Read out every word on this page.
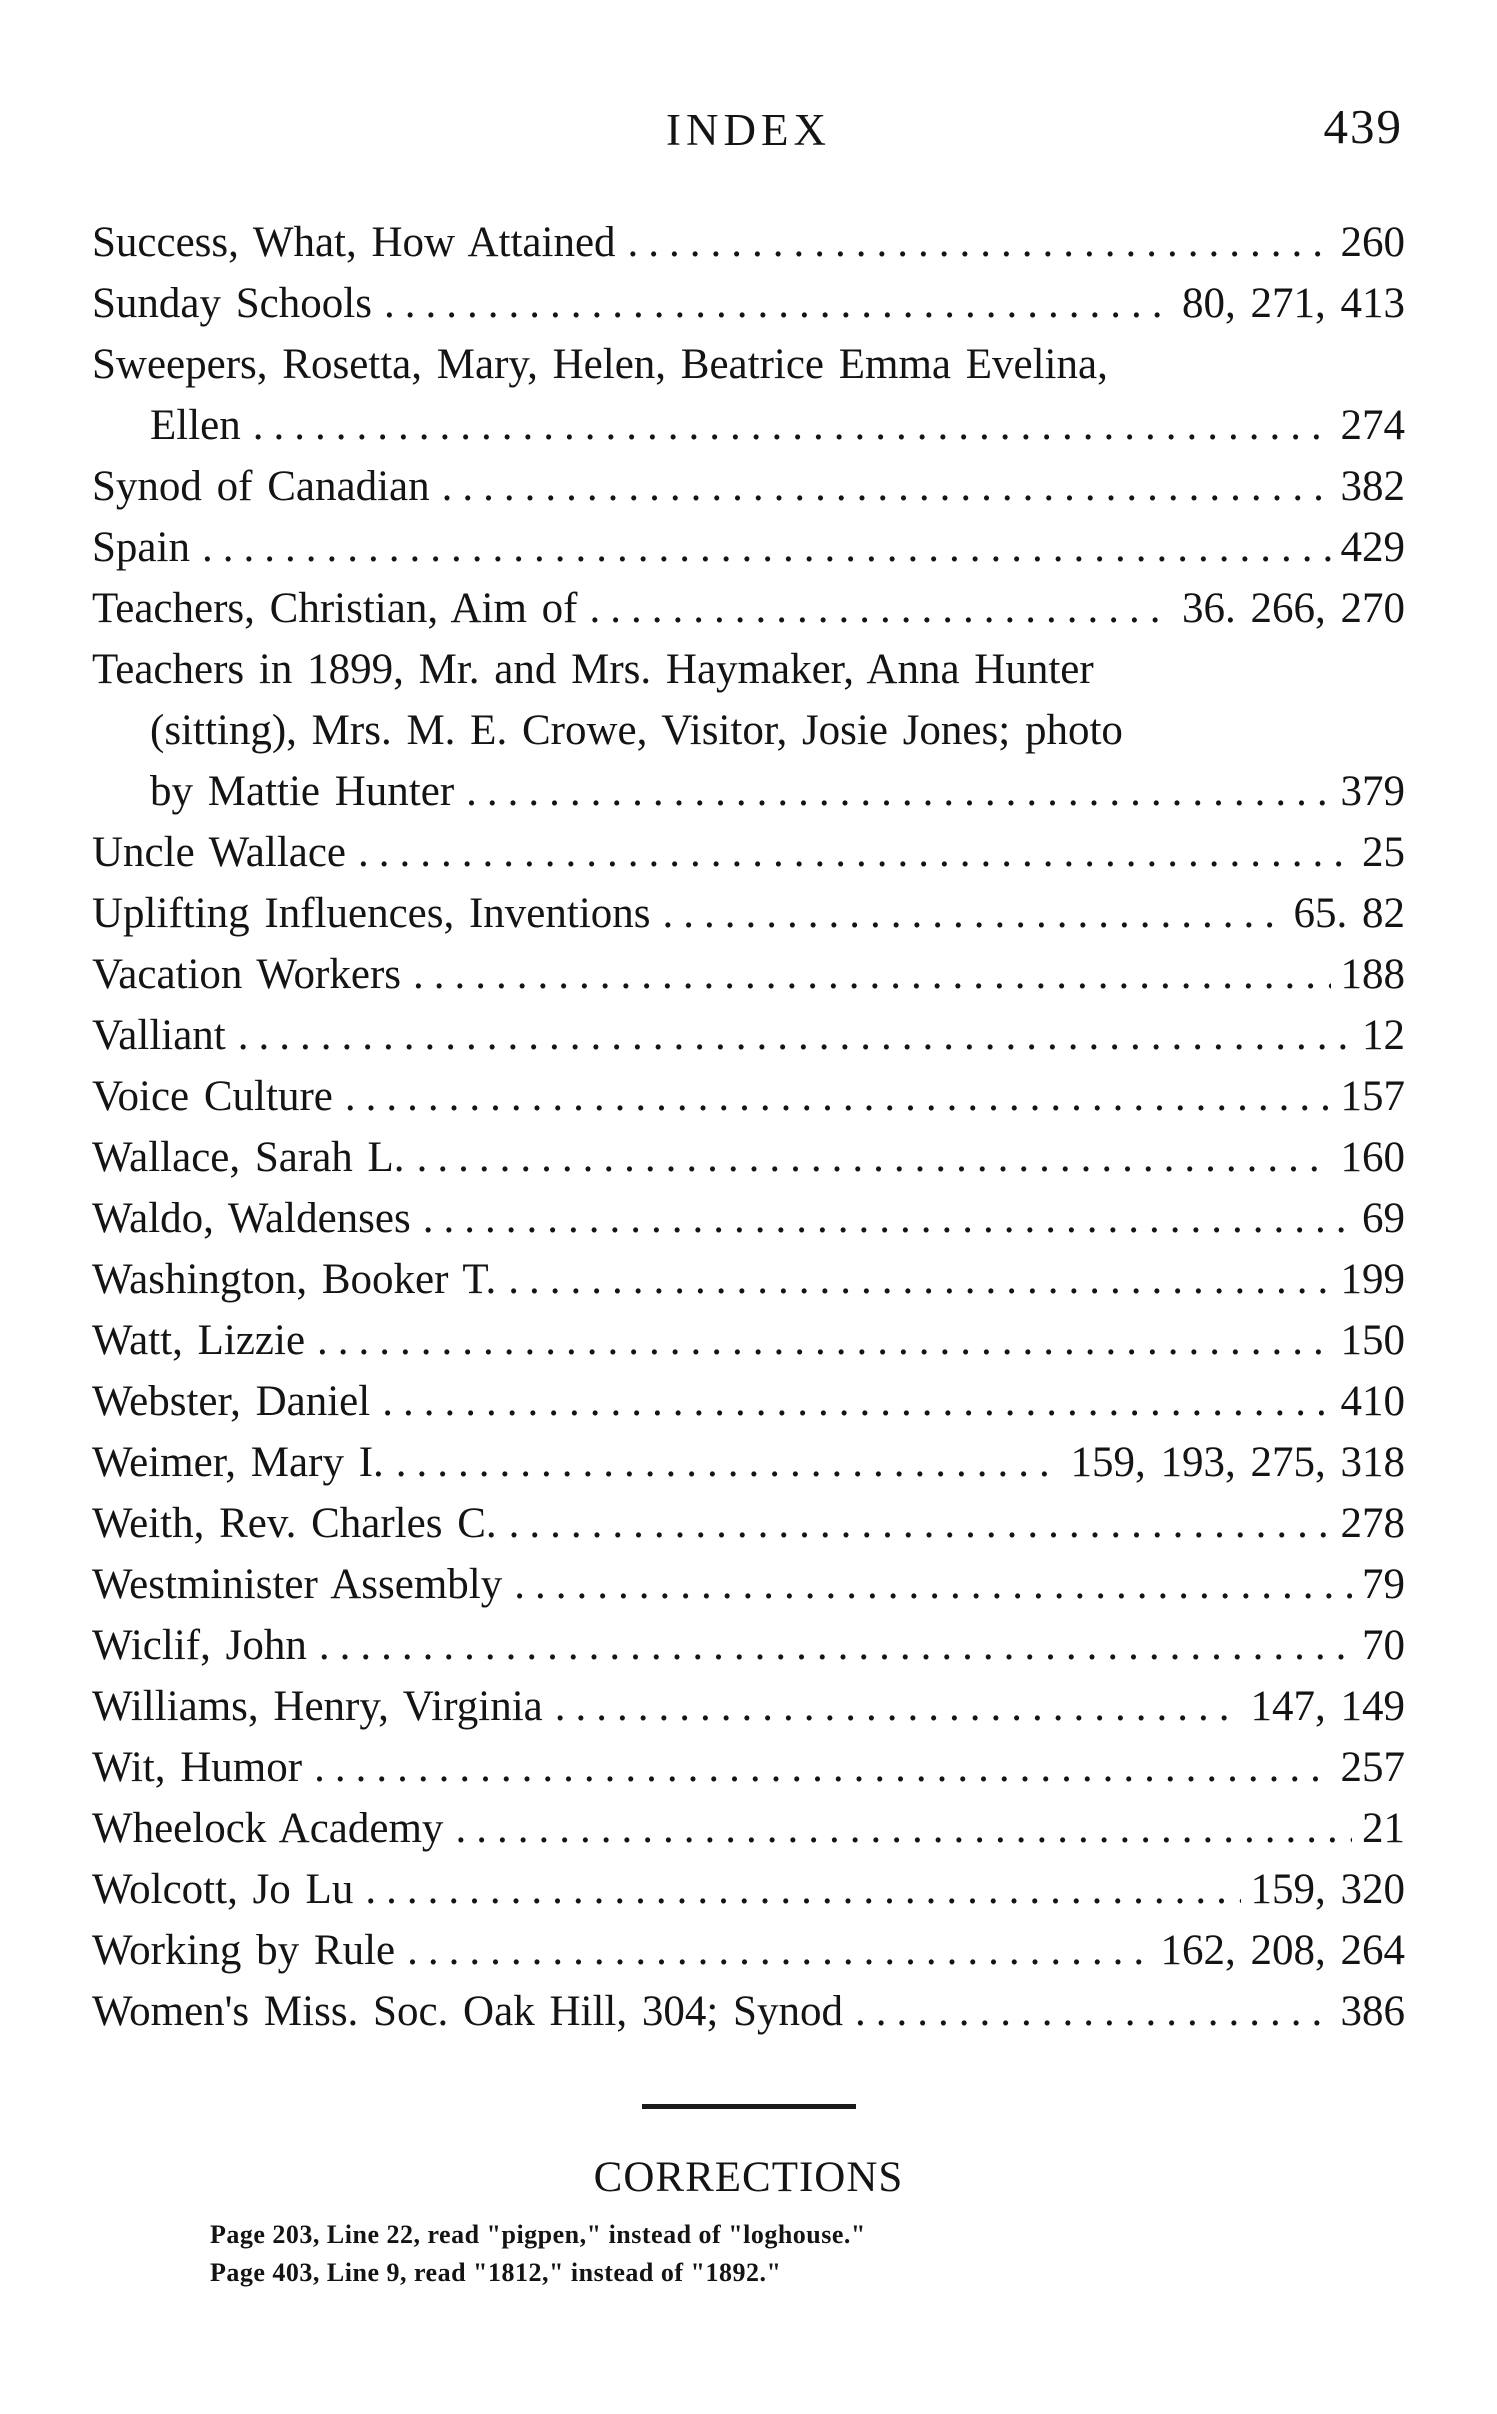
INDEX	439
Success, What, How Attained .....	260
Sunday Schools .....	80, 271, 413
Sweepers, Rosetta, Mary, Helen, Beatrice Emma Evelina,
Ellen .....	274
Synod of Canadian .....	382
Spain .....	429
Teachers, Christian, Aim of .....	36. 266, 270
Teachers in 1899, Mr. and Mrs. Haymaker, Anna Hunter
(sitting), Mrs. M. E. Crowe, Visitor, Josie Jones; photo
by Mattie Hunter .....	379
Uncle Wallace .....	25
Uplifting Influences, Inventions .....	65. 82
Vacation Workers .....	188
Valliant .....	12
Voice Culture .....	157
Wallace, Sarah L. .....	160
Waldo, Waldenses .....	69
Washington, Booker T. .....	199
Watt, Lizzie .....	150
Webster, Daniel .....	410
Weimer, Mary I. .....	159, 193, 275, 318
Weith, Rev. Charles C. .....	278
Westminister Assembly .....	79
Wiclif, John .....	70
Williams, Henry, Virginia .....	147, 149
Wit, Humor .....	257
Wheelock Academy .....	21
Wolcott, Jo Lu .....	159, 320
Working by Rule .....	162, 208, 264
Women's Miss. Soc. Oak Hill, 304; Synod .....	386
CORRECTIONS
Page 203, Line 22, read "pigpen," instead of "loghouse."
Page 403, Line 9, read "1812," instead of "1892."
